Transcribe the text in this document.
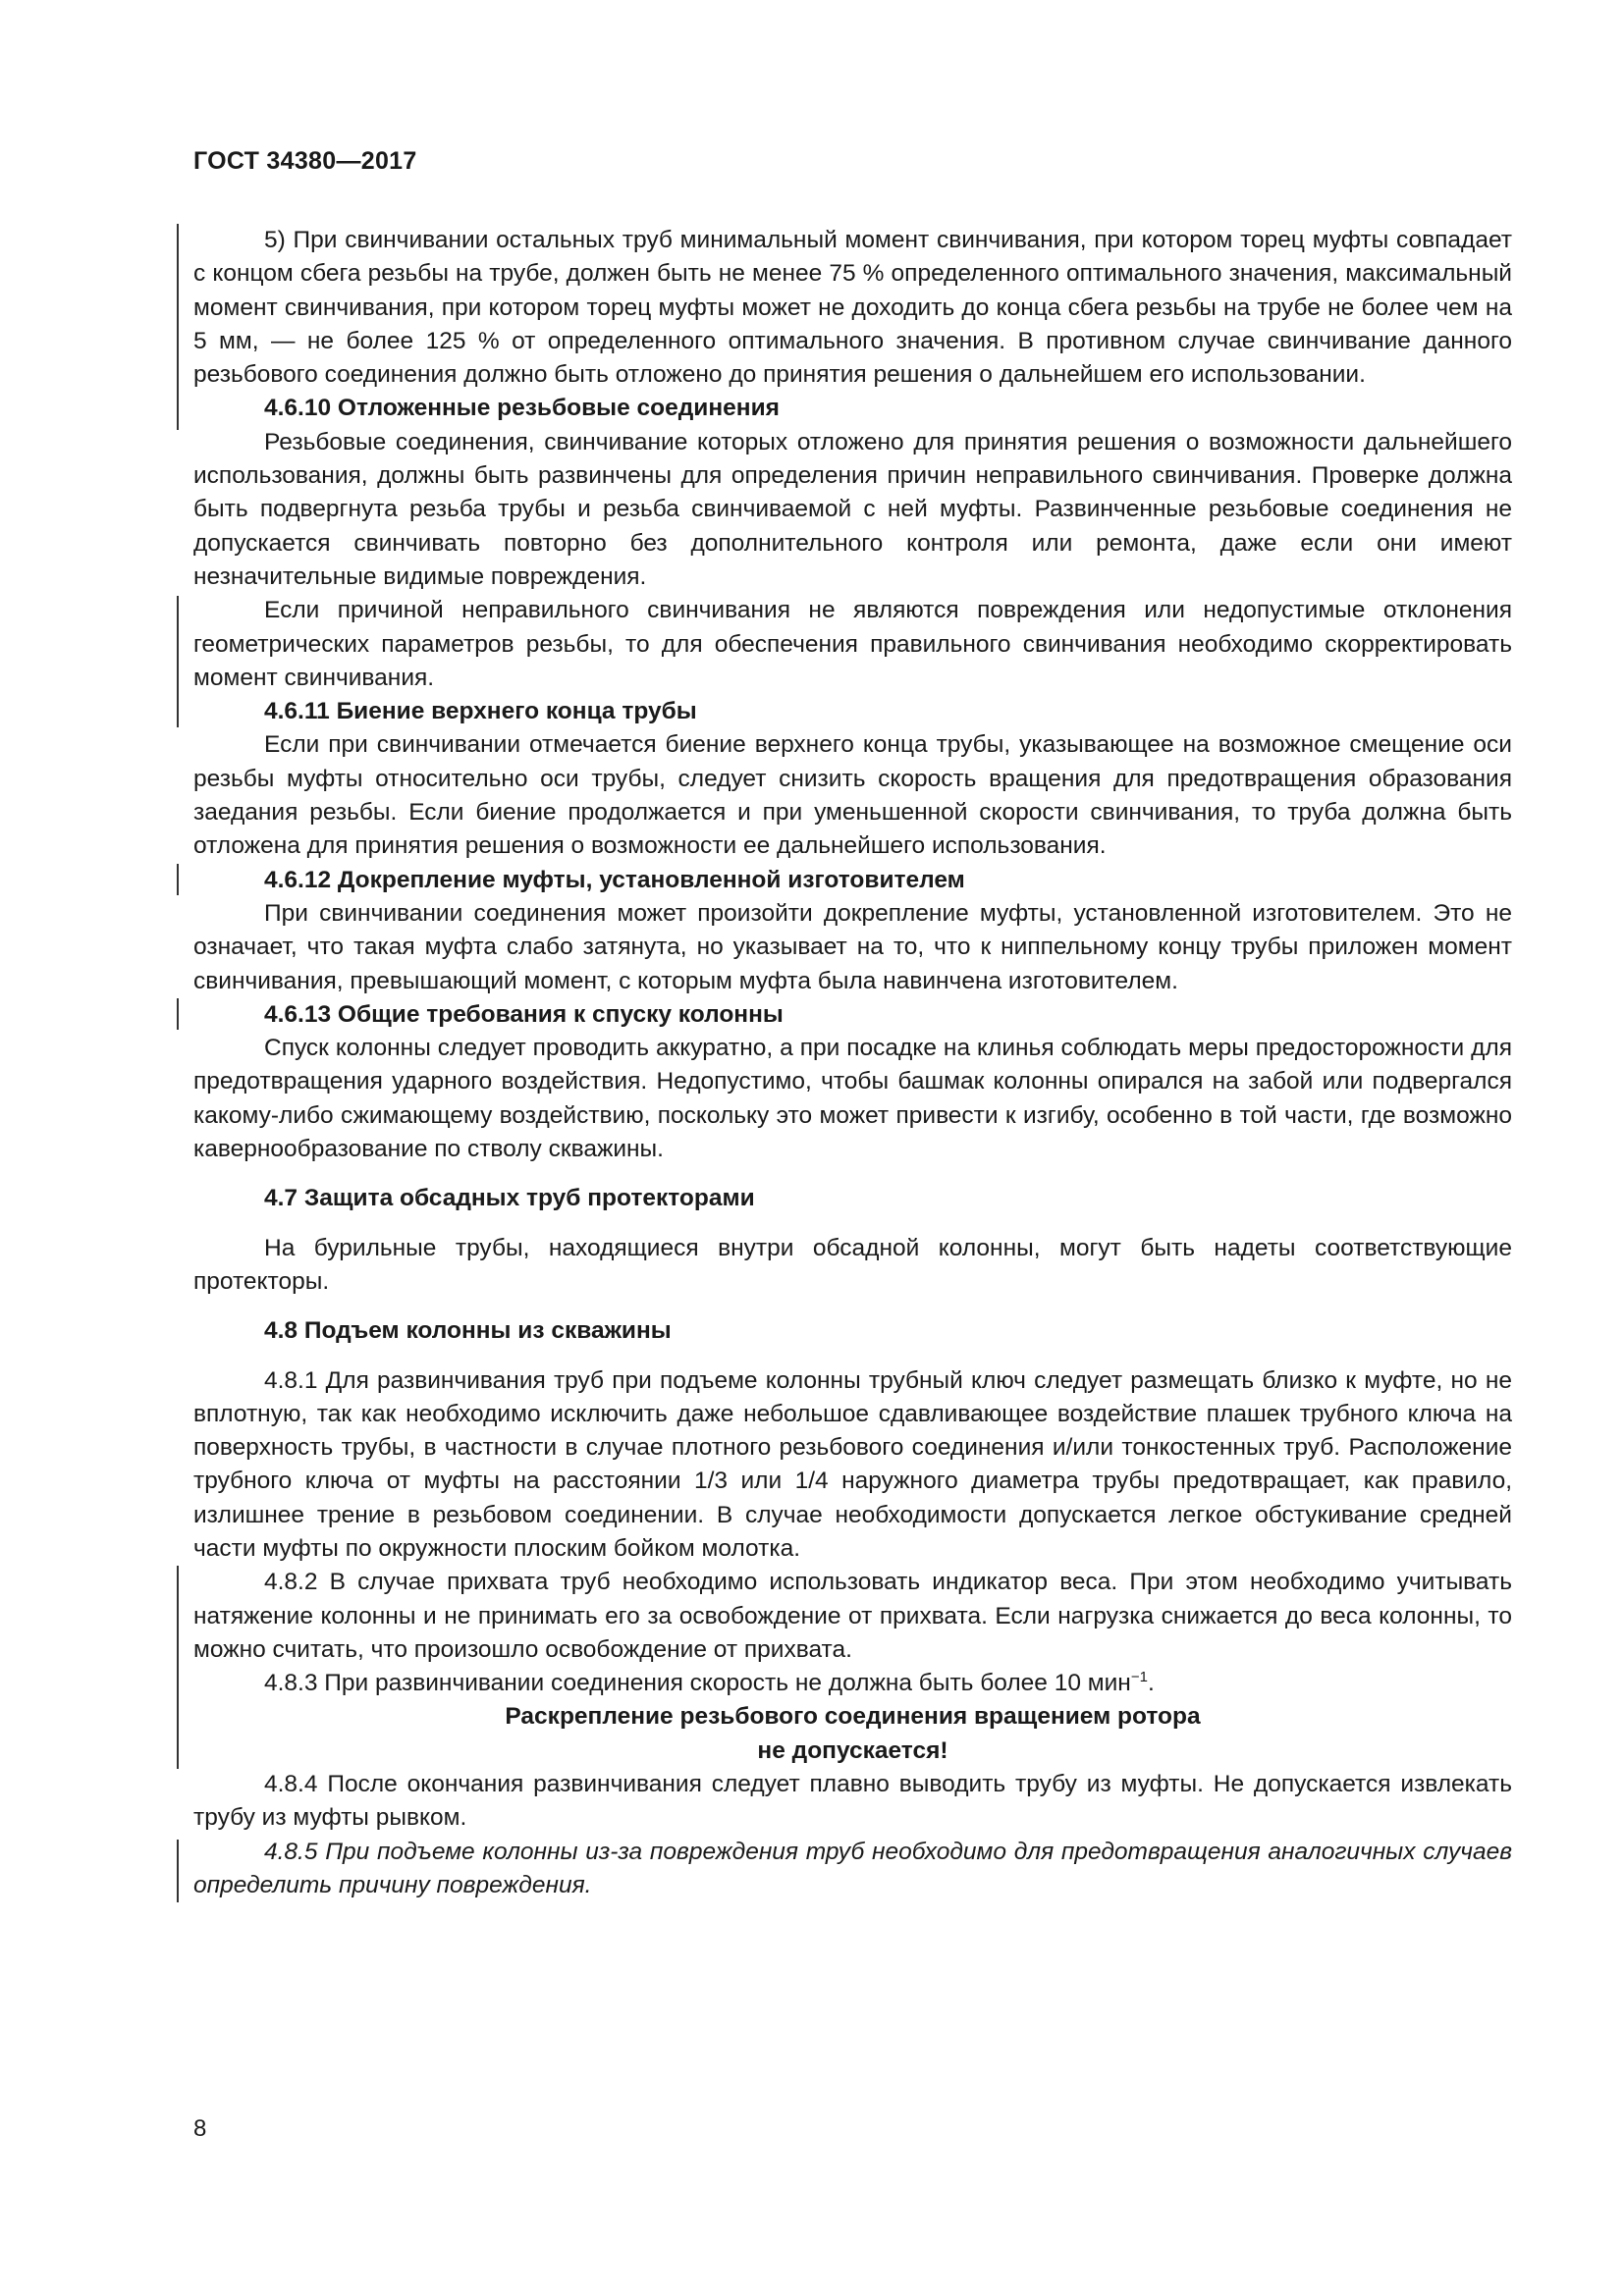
ГОСТ 34380—2017

5) При свинчивании остальных труб минимальный момент свинчивания, при котором торец муфты совпадает с концом сбега резьбы на трубе, должен быть не менее 75 % определенного оптимального значения, максимальный момент свинчивания, при котором торец муфты может не доходить до конца сбега резьбы на трубе не более чем на 5 мм, — не более 125 % от определенного оптимального значения. В противном случае свинчивание данного резьбового соединения должно быть отложено до принятия решения о дальнейшем его использовании.

4.6.10 Отложенные резьбовые соединения

Резьбовые соединения, свинчивание которых отложено для принятия решения о возможности дальнейшего использования, должны быть развинчены для определения причин неправильного свинчивания. Проверке должна быть подвергнута резьба трубы и резьба свинчиваемой с ней муфты. Развинченные резьбовые соединения не допускается свинчивать повторно без дополнительного контроля или ремонта, даже если они имеют незначительные видимые повреждения.

Если причиной неправильного свинчивания не являются повреждения или недопустимые отклонения геометрических параметров резьбы, то для обеспечения правильного свинчивания необходимо скорректировать момент свинчивания.

4.6.11 Биение верхнего конца трубы

Если при свинчивании отмечается биение верхнего конца трубы, указывающее на возможное смещение оси резьбы муфты относительно оси трубы, следует снизить скорость вращения для предотвращения образования заедания резьбы. Если биение продолжается и при уменьшенной скорости свинчивания, то труба должна быть отложена для принятия решения о возможности ее дальнейшего использования.

4.6.12 Докрепление муфты, установленной изготовителем

При свинчивании соединения может произойти докрепление муфты, установленной изготовителем. Это не означает, что такая муфта слабо затянута, но указывает на то, что к ниппельному концу трубы приложен момент свинчивания, превышающий момент, с которым муфта была навинчена изготовителем.

4.6.13 Общие требования к спуску колонны

Спуск колонны следует проводить аккуратно, а при посадке на клинья соблюдать меры предосторожности для предотвращения ударного воздействия. Недопустимо, чтобы башмак колонны опирался на забой или подвергался какому-либо сжимающему воздействию, поскольку это может привести к изгибу, особенно в той части, где возможно кавернообразование по стволу скважины.

4.7 Защита обсадных труб протекторами

На бурильные трубы, находящиеся внутри обсадной колонны, могут быть надеты соответствующие протекторы.

4.8 Подъем колонны из скважины

4.8.1 Для развинчивания труб при подъеме колонны трубный ключ следует размещать близко к муфте, но не вплотную, так как необходимо исключить даже небольшое сдавливающее воздействие плашек трубного ключа на поверхность трубы, в частности в случае плотного резьбового соединения и/или тонкостенных труб. Расположение трубного ключа от муфты на расстоянии 1/3 или 1/4 наружного диаметра трубы предотвращает, как правило, излишнее трение в резьбовом соединении. В случае необходимости допускается легкое обстукивание средней части муфты по окружности плоским бойком молотка.

4.8.2 В случае прихвата труб необходимо использовать индикатор веса. При этом необходимо учитывать натяжение колонны и не принимать его за освобождение от прихвата. Если нагрузка снижается до веса колонны, то можно считать, что произошло освобождение от прихвата.

4.8.3 При развинчивании соединения скорость не должна быть более 10 мин$^{-1}$.

Раскрепление резьбового соединения вращением ротора

не допускается!

4.8.4 После окончания развинчивания следует плавно выводить трубу из муфты. Не допускается извлекать трубу из муфты рывком.

4.8.5 При подъеме колонны из-за повреждения труб необходимо для предотвращения аналогичных случаев определить причину повреждения.

8
